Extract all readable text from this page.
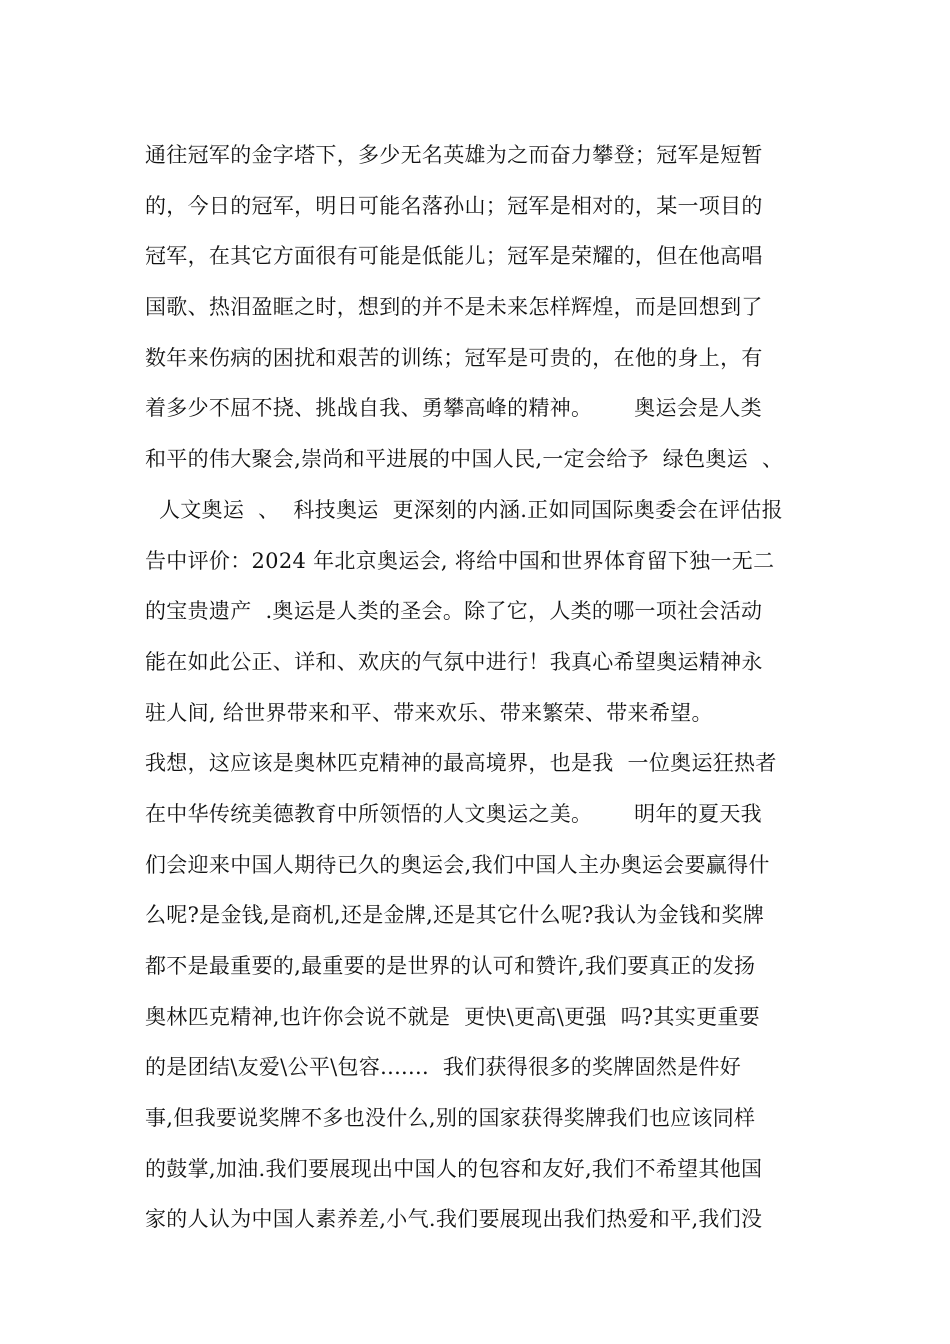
通往冠军的金字塔下，多少无名英雄为之而奋力攀登；冠军是短暂
的，今日的冠军，明日可能名落孙山；冠军是相对的，某一项目的
冠军，在其它方面很有可能是低能儿；冠军是荣耀的，但在他高唱
国歌、热泪盈眶之时，想到的并不是未来怎样辉煌，而是回想到了
数年来伤病的困扰和艰苦的训练；冠军是可贵的，在他的身上，有
着多少不屈不挠、挑战自我、勇攀高峰的精神。      奥运会是人类
和平的伟大聚会,崇尚和平进展的中国人民,一定会给予  绿色奥运  、
人文奥运  、  科技奥运  更深刻的内涵.正如同国际奥委会在评估报
告中评价：2024 年北京奥运会, 将给中国和世界体育留下独一无二
的宝贵遗产  .奥运是人类的圣会。除了它，人类的哪一项社会活动
能在如此公正、详和、欢庆的气氛中进行！我真心希望奥运精神永
驻人间, 给世界带来和平、带来欢乐、带来繁荣、带来希望。
我想，这应该是奥林匹克精神的最高境界，也是我  一位奥运狂热者
在中华传统美德教育中所领悟的人文奥运之美。      明年的夏天我
们会迎来中国人期待已久的奥运会,我们中国人主办奥运会要赢得什
么呢?是金钱,是商机,还是金牌,还是其它什么呢?我认为金钱和奖牌
都不是最重要的,最重要的是世界的认可和赞许,我们要真正的发扬
奥林匹克精神,也许你会说不就是  更快\更高\更强  吗?其实更重要
的是团结\友爱\公平\包容.......  我们获得很多的奖牌固然是件好
事,但我要说奖牌不多也没什么,别的国家获得奖牌我们也应该同样
的鼓掌,加油.我们要展现出中国人的包容和友好,我们不希望其他国
家的人认为中国人素养差,小气.我们要展现出我们热爱和平,我们没
